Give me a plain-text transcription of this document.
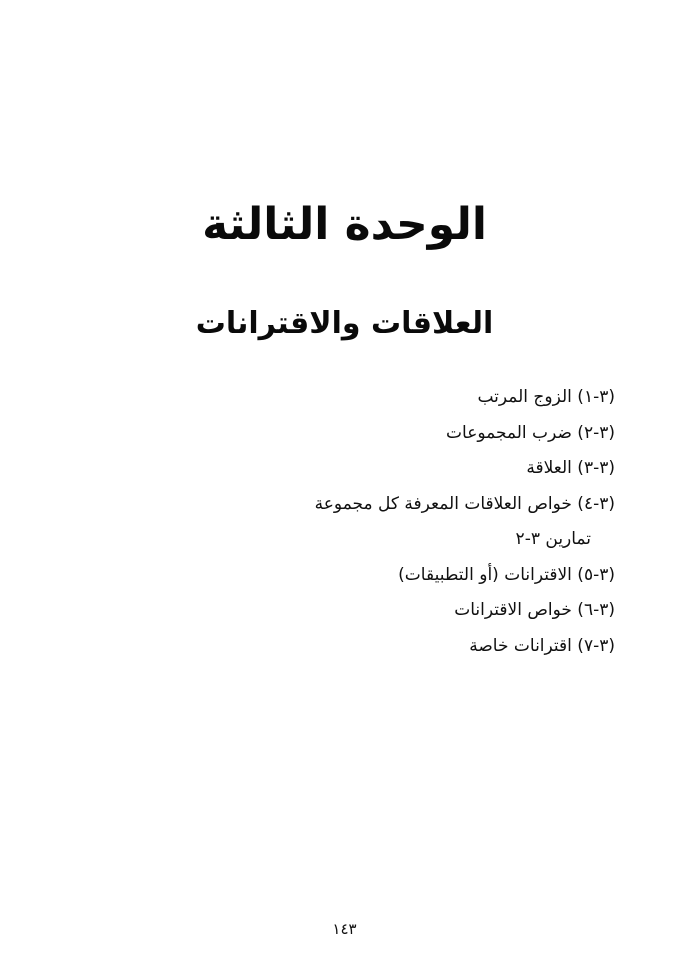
الوحدة الثالثة
العلاقات والاقترانات
(٣-١) الزوج المرتب
(٣-٢) ضرب المجموعات
(٣-٣) العلاقة
(٣-٤) خواص العلاقات المعرفة كل مجموعة
تمارين ٣-٢
(٣-٥) الاقترانات (أو التطبيقات)
(٣-٦) خواص الاقترانات
(٣-٧) اقترانات خاصة
١٤٣
